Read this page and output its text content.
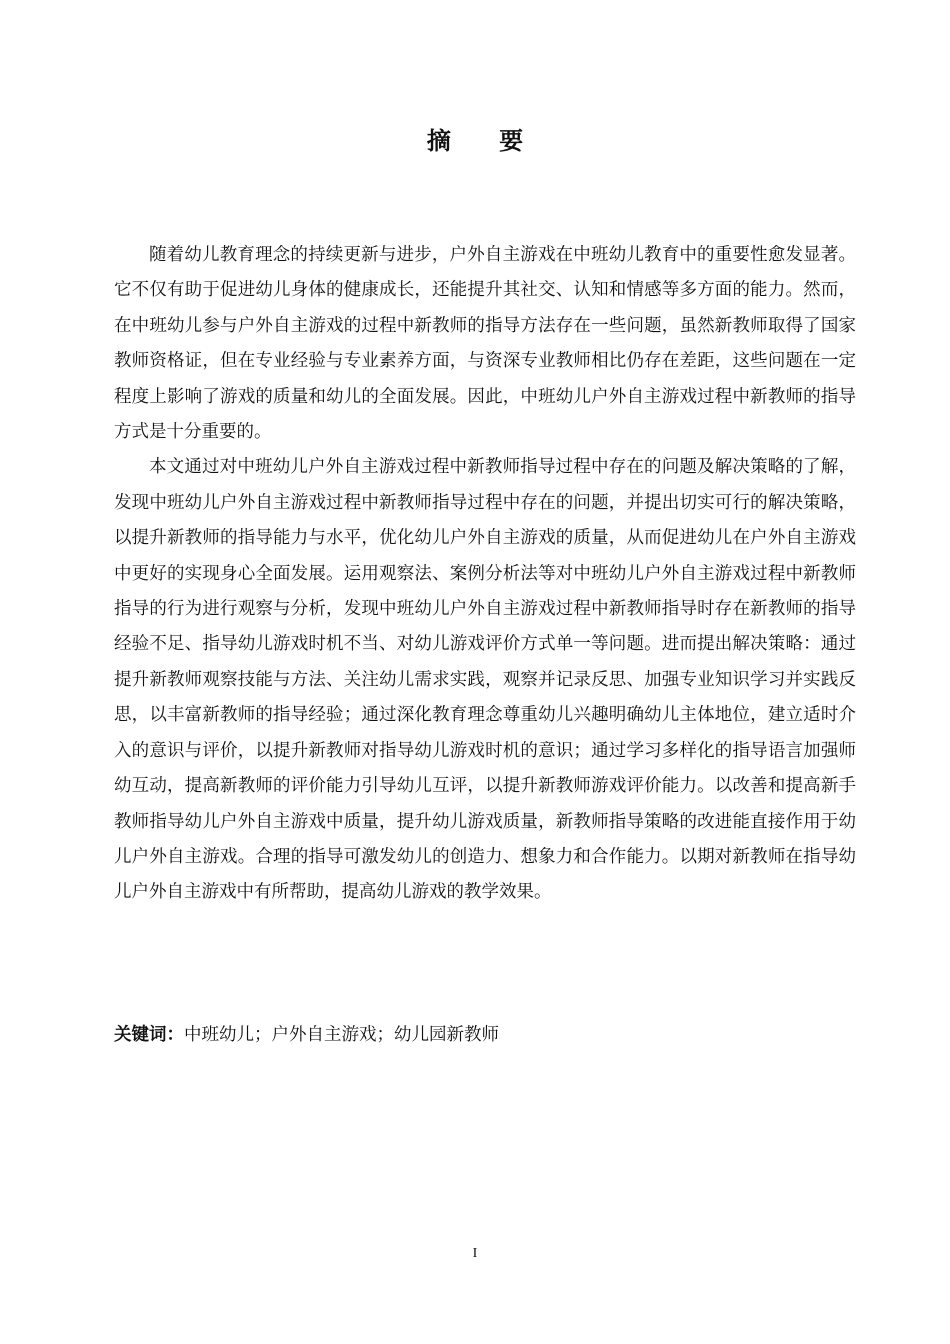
摘 要

随着幼儿教育理念的持续更新与进步，户外自主游戏在中班幼儿教育中的重要性愈发显著。它不仅有助于促进幼儿身体的健康成长，还能提升其社交、认知和情感等多方面的能力。然而，在中班幼儿参与户外自主游戏的过程中新教师的指导方法存在一些问题，虽然新教师取得了国家教师资格证，但在专业经验与专业素养方面，与资深专业教师相比仍存在差距，这些问题在一定程度上影响了游戏的质量和幼儿的全面发展。因此，中班幼儿户外自主游戏过程中新教师的指导方式是十分重要的。

本文通过对中班幼儿户外自主游戏过程中新教师指导过程中存在的问题及解决策略的了解，发现中班幼儿户外自主游戏过程中新教师指导过程中存在的问题，并提出切实可行的解决策略，以提升新教师的指导能力与水平，优化幼儿户外自主游戏的质量，从而促进幼儿在户外自主游戏中更好的实现身心全面发展。运用观察法、案例分析法等对中班幼儿户外自主游戏过程中新教师指导的行为进行观察与分析，发现中班幼儿户外自主游戏过程中新教师指导时存在新教师的指导经验不足、指导幼儿游戏时机不当、对幼儿游戏评价方式单一等问题。进而提出解决策略：通过提升新教师观察技能与方法、关注幼儿需求实践，观察并记录反思、加强专业知识学习并实践反思，以丰富新教师的指导经验；通过深化教育理念尊重幼儿兴趣明确幼儿主体地位，建立适时介入的意识与评价，以提升新教师对指导幼儿游戏时机的意识；通过学习多样化的指导语言加强师幼互动，提高新教师的评价能力引导幼儿互评，以提升新教师游戏评价能力。以改善和提高新手教师指导幼儿户外自主游戏中质量，提升幼儿游戏质量，新教师指导策略的改进能直接作用于幼儿户外自主游戏。合理的指导可激发幼儿的创造力、想象力和合作能力。以期对新教师在指导幼儿户外自主游戏中有所帮助，提高幼儿游戏的教学效果。

关键词：中班幼儿；户外自主游戏；幼儿园新教师
I
